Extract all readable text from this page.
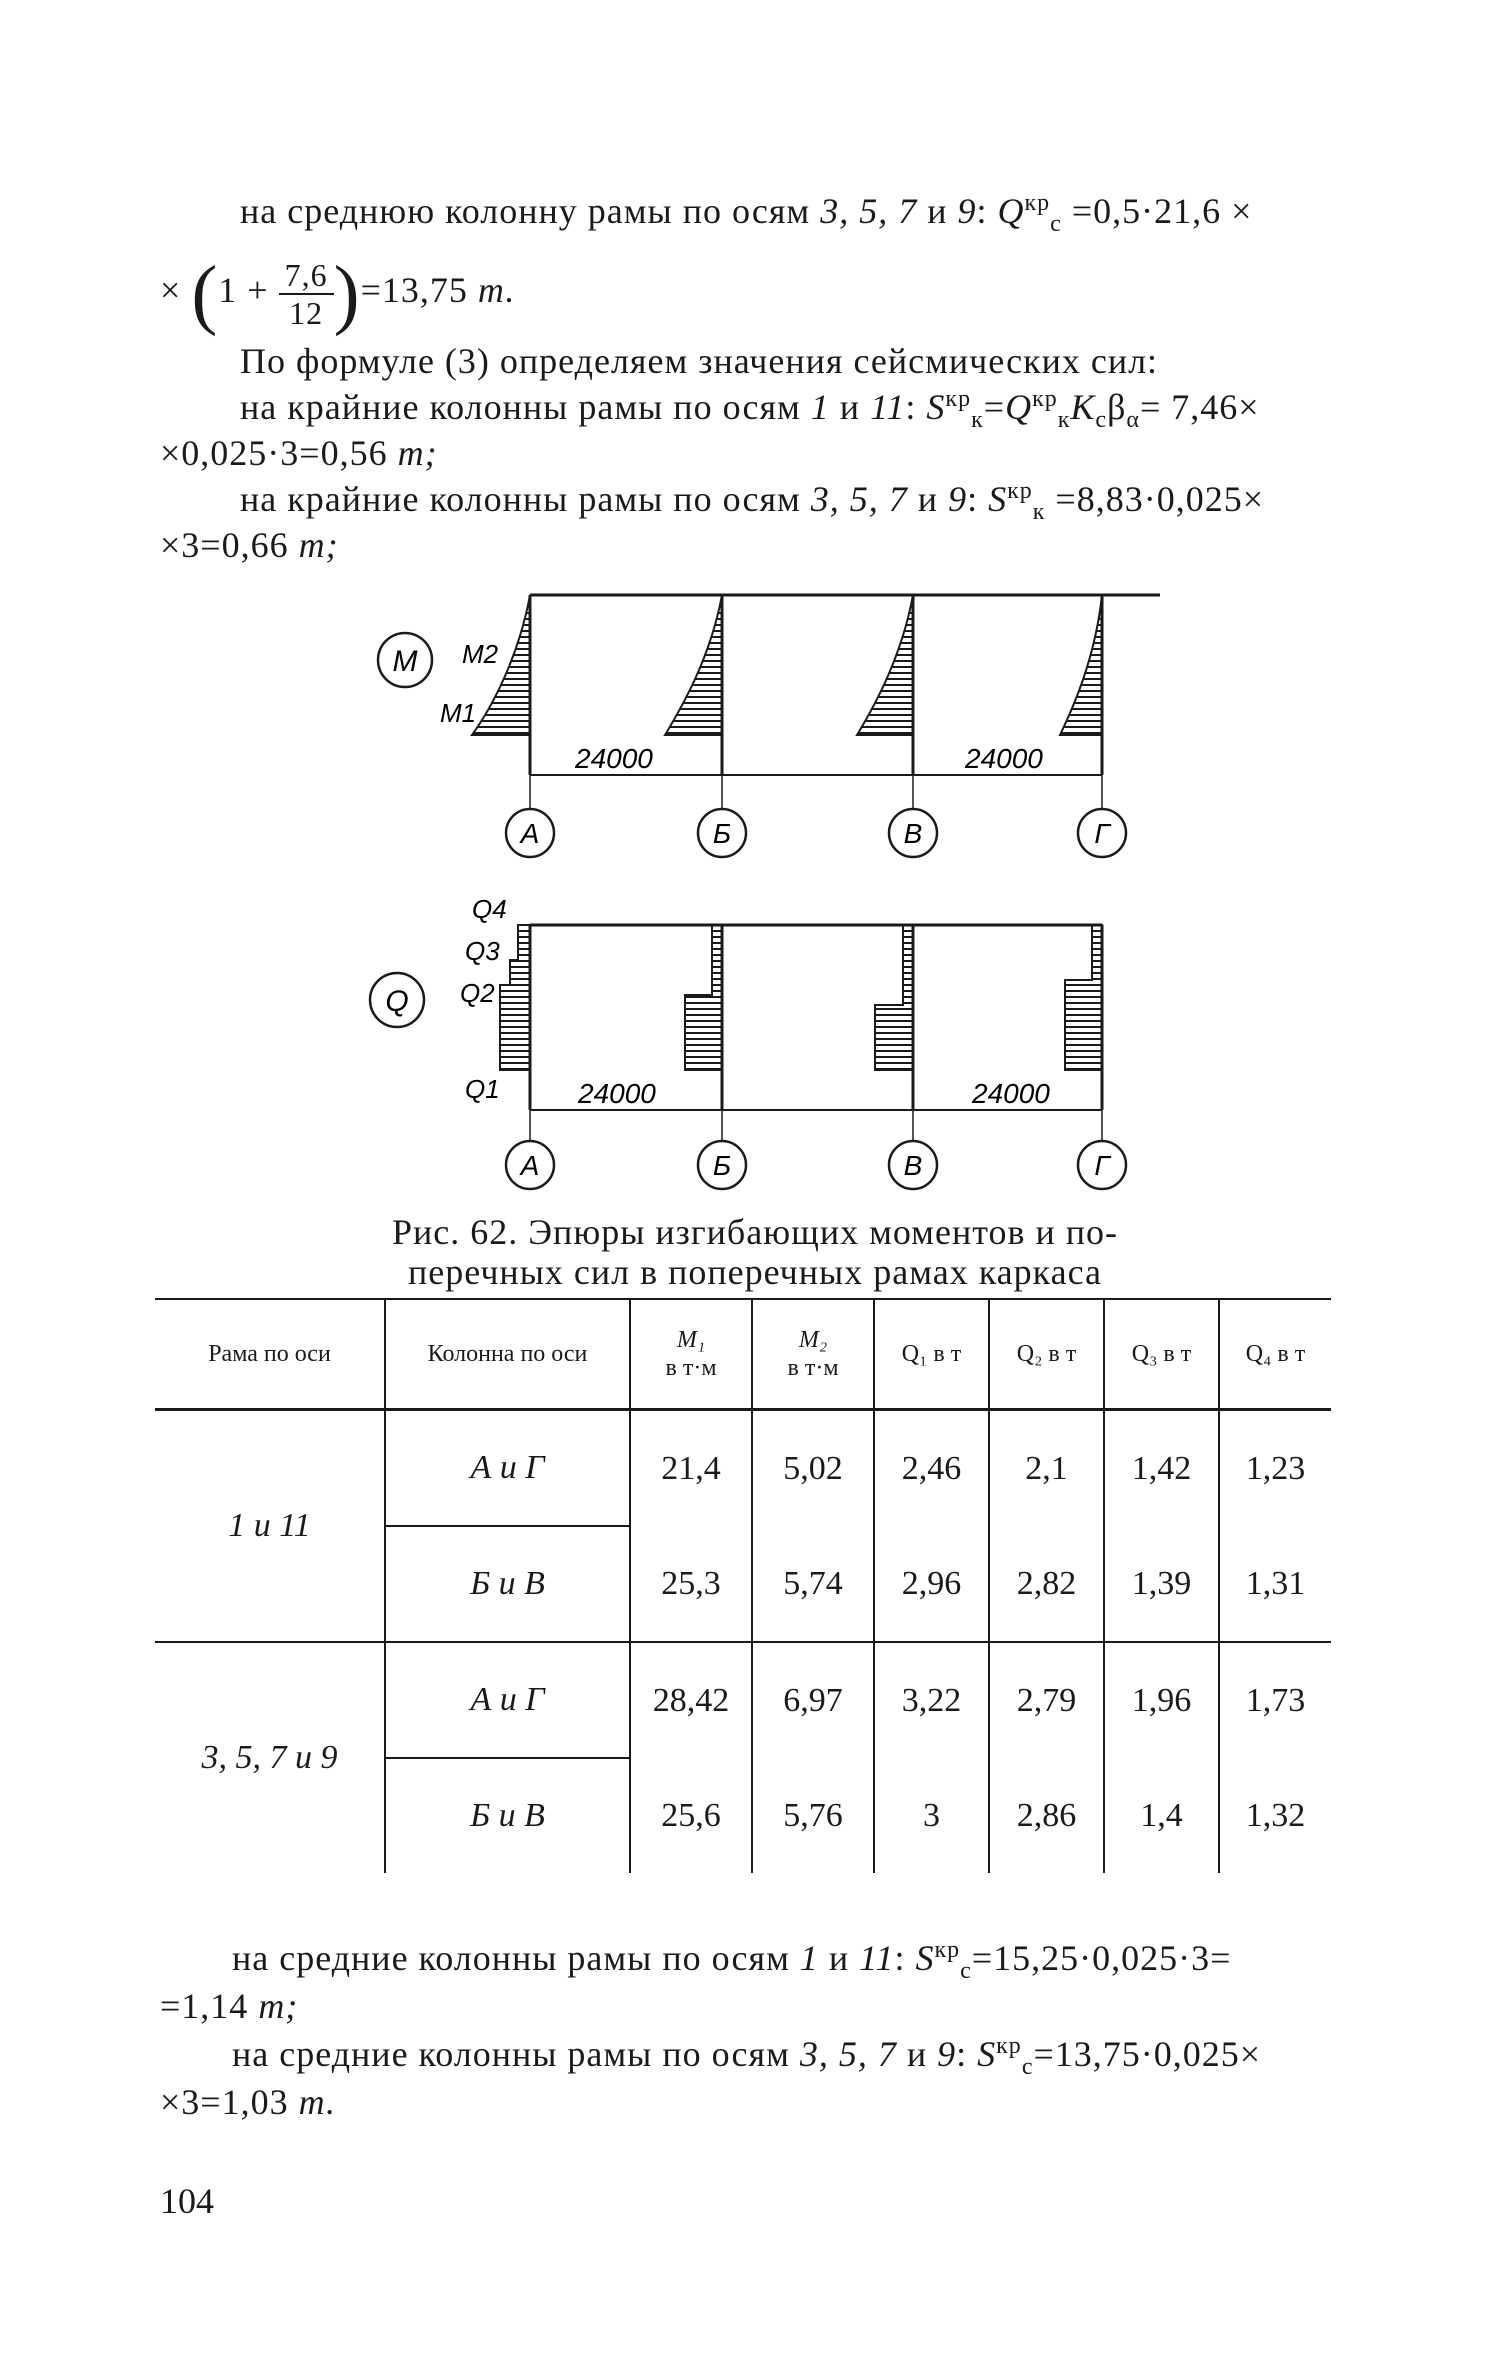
на среднюю колонну рамы по осям 3, 5, 7 и 9: $Q^{кр}_с =0,5\cdot 21,6$ ×
× $(1 + \frac{7,6}{12} )=13,75$ т.
По формуле (3) определяем значения сейсмических сил:
на крайние колонны рамы по осям 1 и 11: $S^{кр}_к=Q^{кр}_кK_с\beta_\alpha= 7,46\times$
×0,025·3=0,56 т;
на крайние колонны рамы по осям 3, 5, 7 и 9: $S^{кр}_к =8,83\cdot 0,025\times$
×3=0,66 т;
M M2
M1
24000	24000
А	Б	В	Г
Q
Q4
Q3
Q2
Q1	24000	24000
А	Б	В	Г
Рис. 62. Эпюры изгибающих моментов и по-
перечных сил в поперечных рамах каркаса
Рама по оси	Колонна по оси	M₁
в т·м	M₂
в т·м	Q₁ в т	Q₂ в т	Q₃ в т	Q₄ в т
1 и 11	А и Г	21,4	5,02	2,46	2,1	1,42	1,23
	Б и В	25,3	5,74	2,96	2,82	1,39	1,31
3, 5, 7 и 9	А и Г	28,42	6,97	3,22	2,79	1,96	1,73
	Б и В	25,6	5,76	3	2,86	1,4	1,32
на средние колонны рамы по осям 1 и 11: $S^{кр}_с=15,25\cdot 0,025\cdot 3=$
=1,14 т;
на средние колонны рамы по осям 3, 5, 7 и 9: $S^{кр}_с=13,75\cdot 0,025\times$
×3=1,03 т.
104
